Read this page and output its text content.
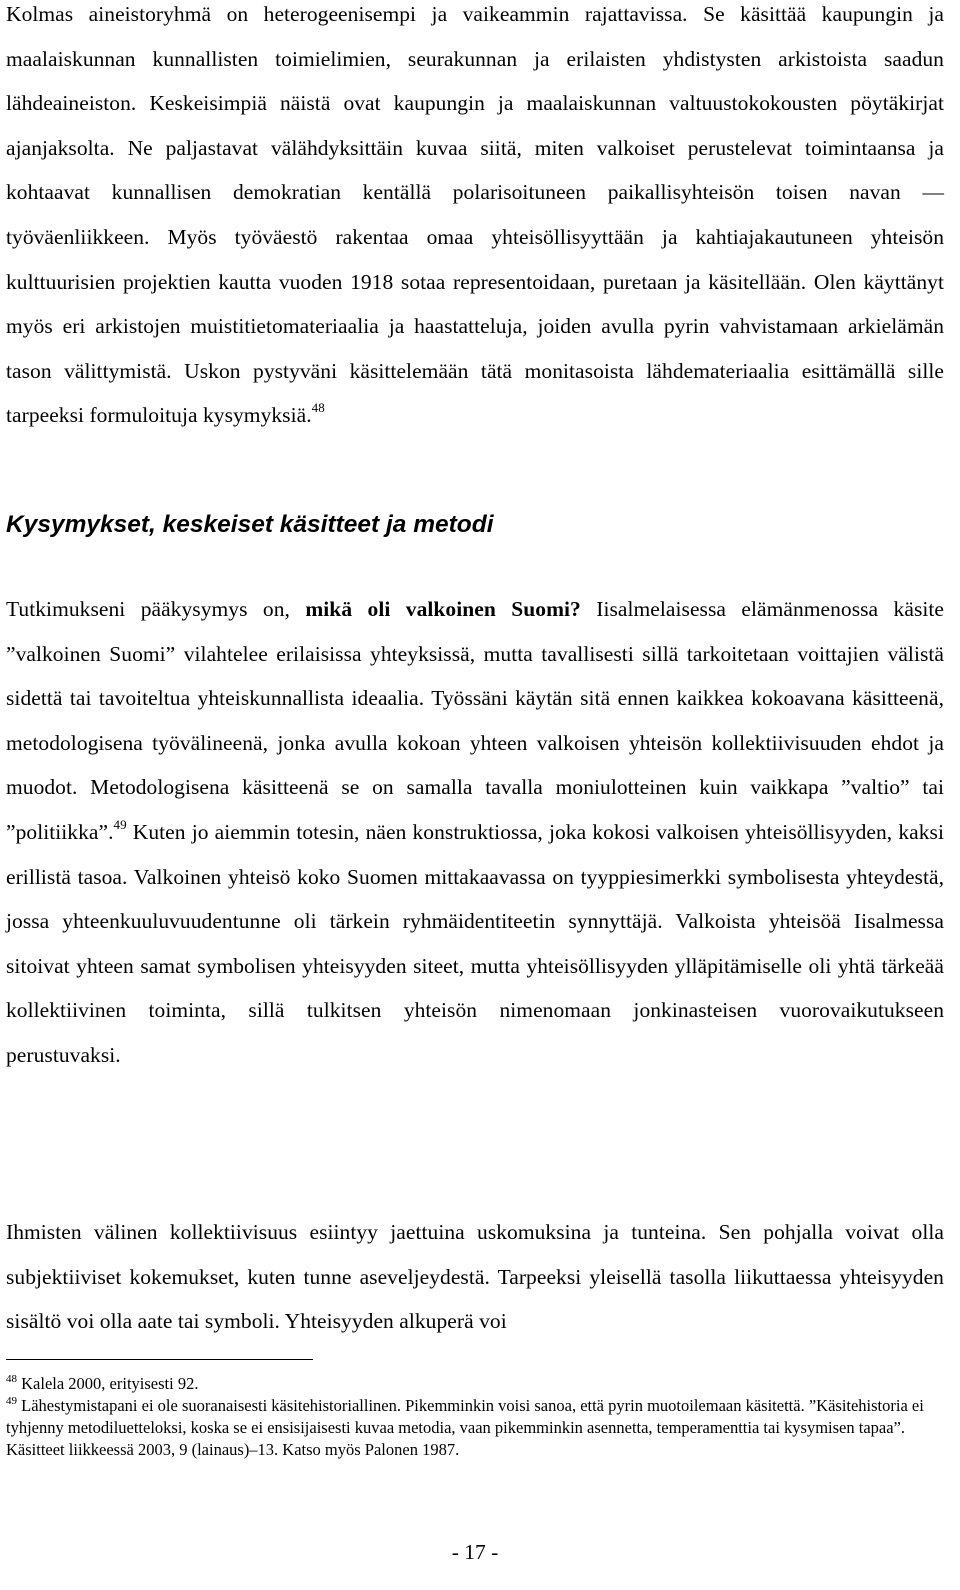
Kolmas aineistoryhmä on heterogeenisempi ja vaikeammin rajattavissa. Se käsittää kaupungin ja maalaiskunnan kunnallisten toimielimien, seurakunnan ja erilaisten yhdistysten arkistoista saadun lähdeaineiston. Keskeisimpiä näistä ovat kaupungin ja maalaiskunnan valtuustokokousten pöytäkirjat ajanjaksolta. Ne paljastavat välähdyksittäin kuvaa siitä, miten valkoiset perustelevat toimintaansa ja kohtaavat kunnallisen demokratian kentällä polarisoituneen paikallisyhteisön toisen navan — työväenliikkeen. Myös työväestö rakentaa omaa yhteisöllisyyttään ja kahtiajakautuneen yhteisön kulttuurisien projektien kautta vuoden 1918 sotaa representoidaan, puretaan ja käsitellään. Olen käyttänyt myös eri arkistojen muistitietomateriaalia ja haastatteluja, joiden avulla pyrin vahvistamaan arkielämän tason välittymistä. Uskon pystyväni käsittelemään tätä monitasoista lähdemateriaalia esittämällä sille tarpeeksi formuloituja kysymyksiä.$^{48}$

Kysymykset, keskeiset käsitteet ja metodi

Tutkimukseni pääkysymys on, mikä oli valkoinen Suomi? Iisalmelaisessa elämänmenossa käsite ”valkoinen Suomi” vilahtelee erilaisissa yhteyksissä, mutta tavallisesti sillä tarkoitetaan voittajien välistä sidettä tai tavoiteltua yhteiskunnallista ideaalia. Työssäni käytän sitä ennen kaikkea kokoavana käsitteenä, metodologisena työvälineenä, jonka avulla kokoan yhteen valkoisen yhteisön kollektiivisuuden ehdot ja muodot. Metodologisena käsitteenä se on samalla tavalla moniulotteinen kuin vaikkapa ”valtio” tai ”politiikka”.$^{49}$ Kuten jo aiemmin totesin, näen konstruktiossa, joka kokosi valkoisen yhteisöllisyyden, kaksi erillistä tasoa. Valkoinen yhteisö koko Suomen mittakaavassa on tyyppiesimerkki symbolisesta yhteydestä, jossa yhteenkuuluvuudentunne oli tärkein ryhmäidentiteetin synnyttäjä. Valkoista yhteisöä Iisalmessa sitoivat yhteen samat symbolisen yhteisyyden siteet, mutta yhteisöllisyyden ylläpitämiselle oli yhtä tärkeää kollektiivinen toiminta, sillä tulkitsen yhteisön nimenomaan jonkinasteisen vuorovaikutukseen perustuvaksi.

Ihmisten välinen kollektiivisuus esiintyy jaettuina uskomuksina ja tunteina. Sen pohjalla voivat olla subjektiiviset kokemukset, kuten tunne aseveljeydestä. Tarpeeksi yleisellä tasolla liikuttaessa yhteisyyden sisältö voi olla aate tai symboli. Yhteisyyden alkuperä voi

$^{48}$ Kalela 2000, erityisesti 92.

$^{49}$ Lähestymistapani ei ole suoranaisesti käsitehistoriallinen. Pikemminkin voisi sanoa, että pyrin muotoilemaan käsitettä. ”Käsitehistoria ei tyhjenny metodiluetteloksi, koska se ei ensisijaisesti kuvaa metodia, vaan pikemminkin asennetta, temperamenttia tai kysymisen tapaa”. Käsitteet liikkeessä 2003, 9 (lainaus)–13. Katso myös Palonen 1987.

- 17 -
